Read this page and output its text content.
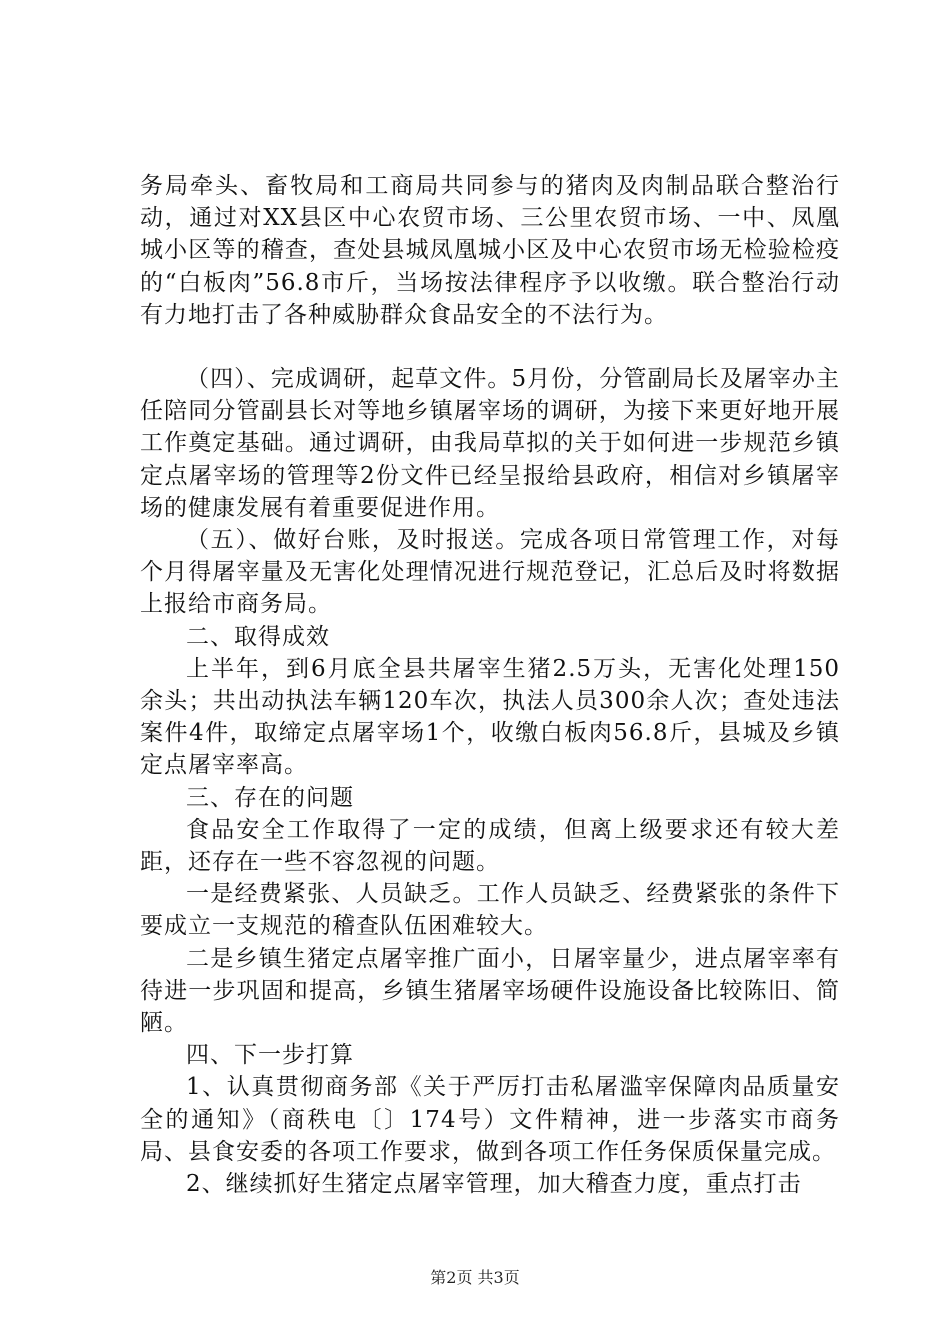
务局牵头、畜牧局和工商局共同参与的猪肉及肉制品联合整治行动，通过对XX县区中心农贸市场、三公里农贸市场、一中、凤凰城小区等的稽查，查处县城凤凰城小区及中心农贸市场无检验检疫的“白板肉”56.8市斤，当场按法律程序予以收缴。联合整治行动有力地打击了各种威胁群众食品安全的不法行为。

（四）、完成调研，起草文件。5月份，分管副局长及屠宰办主任陪同分管副县长对等地乡镇屠宰场的调研，为接下来更好地开展工作奠定基础。通过调研，由我局草拟的关于如何进一步规范乡镇定点屠宰场的管理等2份文件已经呈报给县政府，相信对乡镇屠宰场的健康发展有着重要促进作用。

（五）、做好台账，及时报送。完成各项日常管理工作，对每个月得屠宰量及无害化处理情况进行规范登记，汇总后及时将数据上报给市商务局。

二、取得成效

上半年，到6月底全县共屠宰生猪2.5万头，无害化处理150余头；共出动执法车辆120车次，执法人员300余人次；查处违法案件4件，取缔定点屠宰场1个，收缴白板肉56.8斤，县城及乡镇定点屠宰率高。

三、存在的问题

食品安全工作取得了一定的成绩，但离上级要求还有较大差距，还存在一些不容忽视的问题。

一是经费紧张、人员缺乏。工作人员缺乏、经费紧张的条件下要成立一支规范的稽查队伍困难较大。

二是乡镇生猪定点屠宰推广面小，日屠宰量少，进点屠宰率有待进一步巩固和提高，乡镇生猪屠宰场硬件设施设备比较陈旧、简陋。

四、下一步打算

1、认真贯彻商务部《关于严厉打击私屠滥宰保障肉品质量安全的通知》（商秩电〔〕174号）文件精神，进一步落实市商务局、县食安委的各项工作要求，做到各项工作任务保质保量完成。

2、继续抓好生猪定点屠宰管理，加大稽查力度，重点打击

第2页 共3页
